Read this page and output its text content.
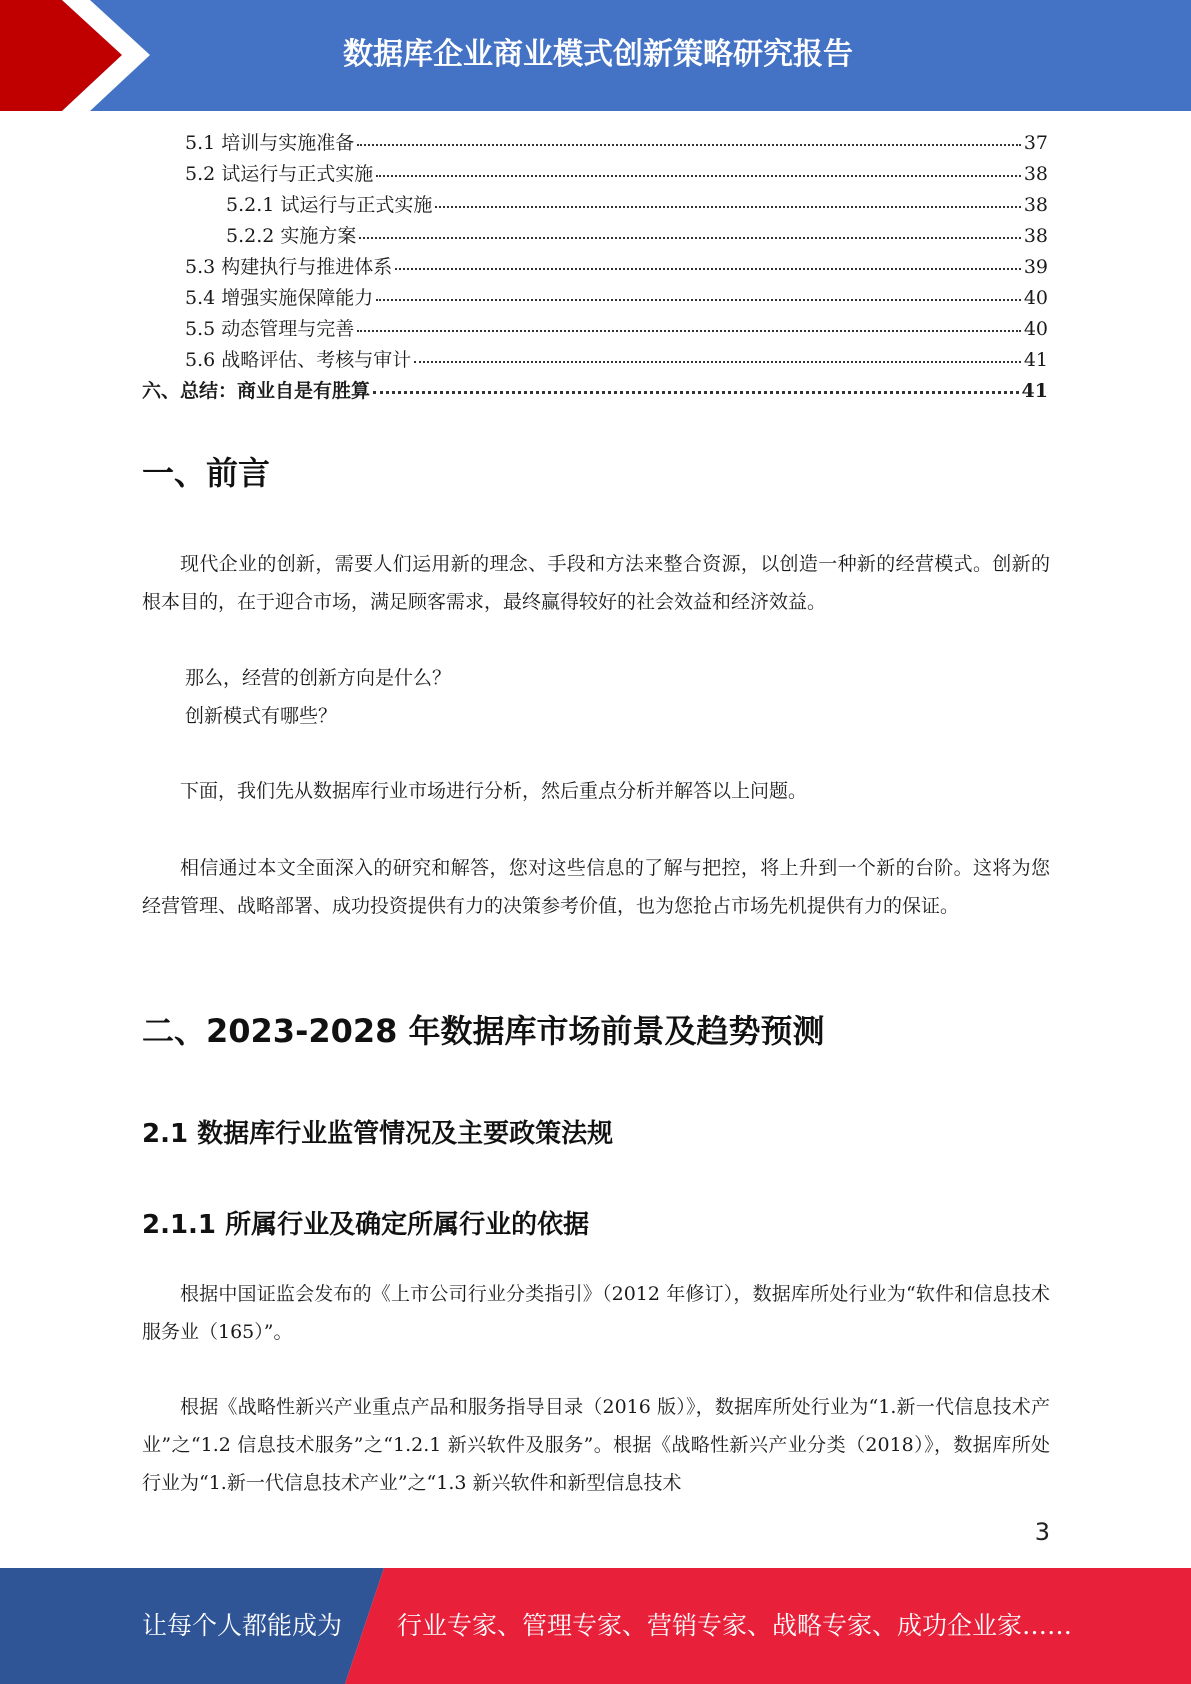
数据库企业商业模式创新策略研究报告
5.1 培训与实施准备	37
5.2 试运行与正式实施	38
5.2.1 试运行与正式实施	38
5.2.2 实施方案	38
5.3 构建执行与推进体系	39
5.4 增强实施保障能力	40
5.5 动态管理与完善	40
5.6 战略评估、考核与审计	41
六、总结：商业自是有胜算	41
一、前言

现代企业的创新，需要人们运用新的理念、手段和方法来整合资源，以创造一种新的经营模式。创新的根本目的，在于迎合市场，满足顾客需求，最终赢得较好的社会效益和经济效益。

那么，经营的创新方向是什么？

创新模式有哪些？

下面，我们先从数据库行业市场进行分析，然后重点分析并解答以上问题。

相信通过本文全面深入的研究和解答，您对这些信息的了解与把控，将上升到一个新的台阶。这将为您经营管理、战略部署、成功投资提供有力的决策参考价值，也为您抢占市场先机提供有力的保证。

二、2023-2028 年数据库市场前景及趋势预测
2.1 数据库行业监管情况及主要政策法规
2.1.1 所属行业及确定所属行业的依据

根据中国证监会发布的《上市公司行业分类指引》（2012 年修订），数据库所处行业为“软件和信息技术服务业（165）”。

根据《战略性新兴产业重点产品和服务指导目录（2016 版）》，数据库所处行业为“1.新一代信息技术产业”之“1.2 信息技术服务”之“1.2.1 新兴软件及服务”。根据《战略性新兴产业分类（2018）》，数据库所处行业为“1.新一代信息技术产业”之“1.3 新兴软件和新型信息技术

3
让每个人都能成为 行业专家、管理专家、营销专家、战略专家、成功企业家……
